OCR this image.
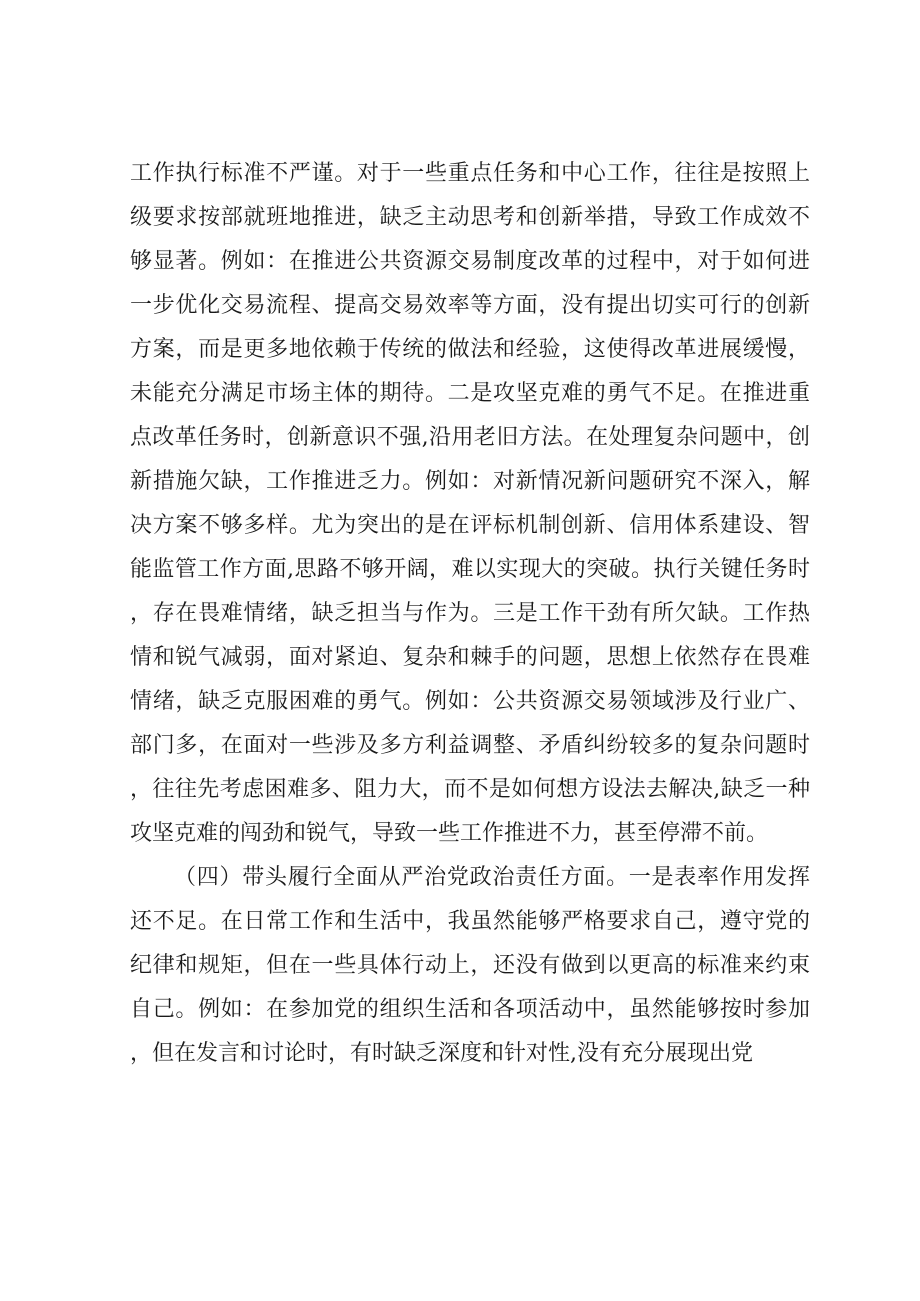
工作执行标准不严谨。对于一些重点任务和中心工作，往往是按照上级要求按部就班地推进，缺乏主动思考和创新举措，导致工作成效不够显著。例如：在推进公共资源交易制度改革的过程中，对于如何进一步优化交易流程、提高交易效率等方面，没有提出切实可行的创新方案，而是更多地依赖于传统的做法和经验，这使得改革进展缓慢，未能充分满足市场主体的期待。二是攻坚克难的勇气不足。在推进重点改革任务时，创新意识不强,沿用老旧方法。在处理复杂问题中，创新措施欠缺，工作推进乏力。例如：对新情况新问题研究不深入，解决方案不够多样。尤为突出的是在评标机制创新、信用体系建设、智能监管工作方面,思路不够开阔，难以实现大的突破。执行关键任务时，存在畏难情绪，缺乏担当与作为。三是工作干劲有所欠缺。工作热情和锐气减弱，面对紧迫、复杂和棘手的问题，思想上依然存在畏难情绪，缺乏克服困难的勇气。例如：公共资源交易领域涉及行业广、部门多，在面对一些涉及多方利益调整、矛盾纠纷较多的复杂问题时，往往先考虑困难多、阻力大，而不是如何想方设法去解决,缺乏一种攻坚克难的闯劲和锐气，导致一些工作推进不力，甚至停滞不前。

（四）带头履行全面从严治党政治责任方面。一是表率作用发挥还不足。在日常工作和生活中，我虽然能够严格要求自己，遵守党的纪律和规矩，但在一些具体行动上，还没有做到以更高的标准来约束自己。例如：在参加党的组织生活和各项活动中，虽然能够按时参加，但在发言和讨论时，有时缺乏深度和针对性,没有充分展现出党
